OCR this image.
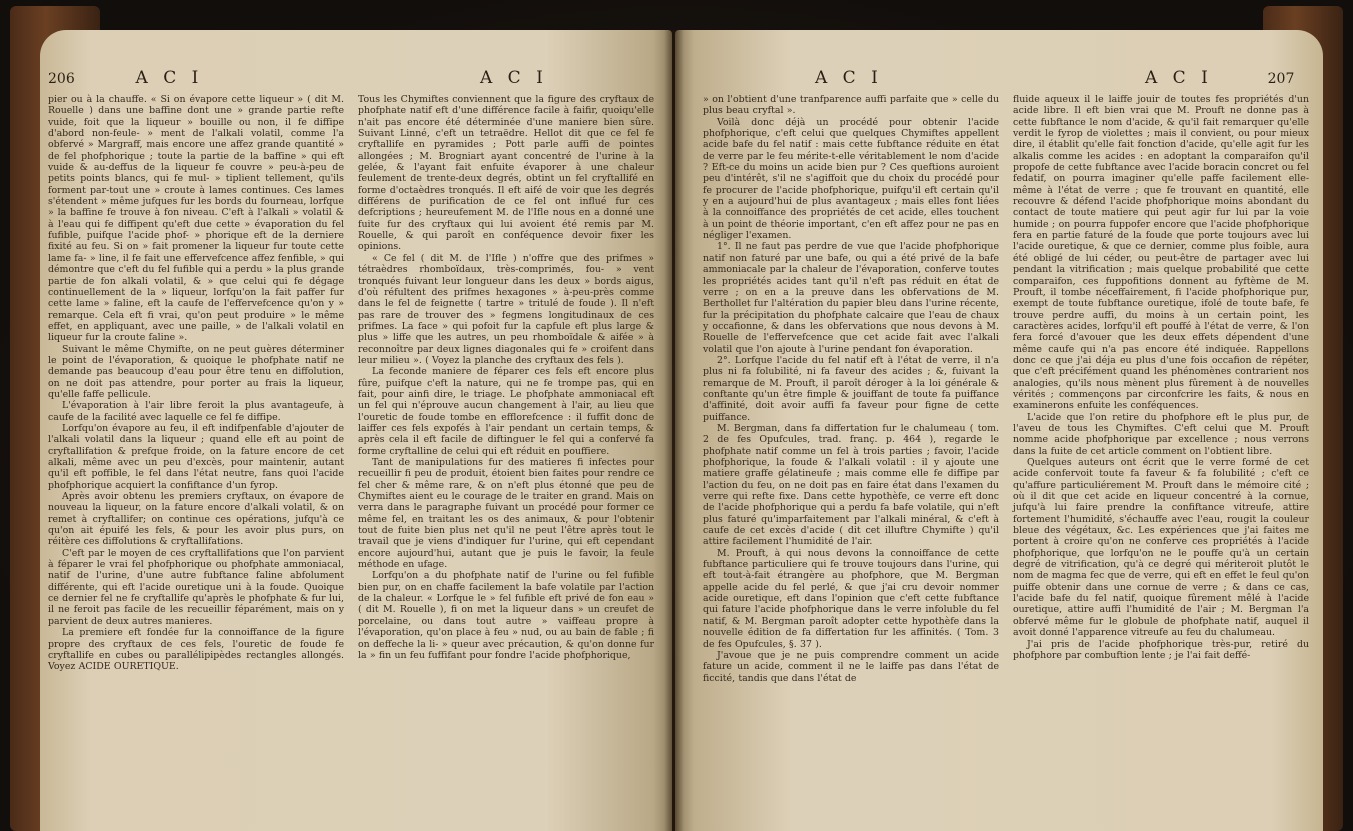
206	A C I	A C I

pier ou à la chauffe. « Si on évapore cette liqueur » ( dit M. Rouelle ) dans une baffine dont une » grande partie refte vuide, foit que la liqueur » bouille ou non, il fe diffipe d'abord non-feule- » ment de l'alkali volatil, comme l'a obfervé » Margraff, mais encore une affez grande quantité » de fel phofphorique ; toute la partie de la baffine » qui eft vuide & au-deffus de la liqueur fe couvre » peu-à-peu de petits points blancs, qui fe mul- » tiplient tellement, qu'ils forment par-tout une » croute à lames continues. Ces lames s'étendent » même jufques fur les bords du fourneau, lorfque » la baffine fe trouve à fon niveau. C'eft à l'alkali » volatil & à l'eau qui fe diffipent qu'eft due cette » évaporation du fel fufible, puifque l'acide phof- » phorique eft de la derniere fixité au feu. Si on » fait promener la liqueur fur toute cette lame fa- » line, il fe fait une effervefcence affez fenfible, » qui démontre que c'eft du fel fufible qui a perdu » la plus grande partie de fon alkali volatil, & » que celui qui fe dégage continuellement de la » liqueur, lorfqu'on la fait paffer fur cette lame » faline, eft la caufe de l'effervefcence qu'on y » remarque. Cela eft fi vrai, qu'on peut produire » le même effet, en appliquant, avec une paille, » de l'alkali volatil en liqueur fur la croute faline ».

Suivant le même Chymifte, on ne peut guères déterminer le point de l'évaporation, & quoique le phofphate natif ne demande pas beaucoup d'eau pour être tenu en diffolution, on ne doit pas attendre, pour porter au frais la liqueur, qu'elle faffe pellicule.

L'évaporation à l'air libre feroit la plus avantageufe, à caufe de la facilité avec laquelle ce fel fe diffipe.

Lorfqu'on évapore au feu, il eft indifpenfable d'ajouter de l'alkali volatil dans la liqueur ; quand elle eft au point de cryftallifation & prefque froide, on la fature encore de cet alkali, même avec un peu d'excès, pour maintenir, autant qu'il eft poffible, le fel dans l'état neutre, fans quoi l'acide phofphorique acquiert la confiftance d'un fyrop.

Après avoir obtenu les premiers cryftaux, on évapore de nouveau la liqueur, on la fature encore d'alkali volatil, & on remet à cryftallifer; on continue ces opérations, jufqu'à ce qu'on ait épuifé les fels, & pour les avoir plus purs, on réitère ces diffolutions & cryftallifations.

C'eft par le moyen de ces cryftallifations que l'on parvient à féparer le vrai fel phofphorique ou phofphate ammoniacal, natif de l'urine, d'une autre fubftance faline abfolument différente, qui eft l'acide ouretique uni à la foude. Quoique ce dernier fel ne fe cryftallife qu'après le phofphate & fur lui, il ne feroit pas facile de les recueillir féparément, mais on y parvient de deux autres manieres.

La premiere eft fondée fur la connoiffance de la figure propre des cryftaux de ces fels, l'ouretic de foude fe cryftallife en cubes ou parallélipipèdes rectangles allongés. Voyez ACIDE OURETIQUE.

Tous les Chymiftes conviennent que la figure des cryftaux de phofphate natif eft d'une différence facile à faifir, quoiqu'elle n'ait pas encore été déterminée d'une maniere bien sûre. Suivant Linné, c'eft un tetraëdre. Hellot dit que ce fel fe cryftallife en pyramides ; Pott parle auffi de pointes allongées ; M. Brogniart ayant concentré de l'urine à la gelée, & l'ayant fait enfuite évaporer à une chaleur feulement de trente-deux degrés, obtint un fel cryftallifé en forme d'octaèdres tronqués. Il eft aifé de voir que les degrés différens de purification de ce fel ont influé fur ces defcriptions ; heureufement M. de l'Ifle nous en a donné une fuite fur des cryftaux qui lui avoient été remis par M. Rouelle, & qui paroît en conféquence devoir fixer les opinions.

« Ce fel ( dit M. de l'Ifle ) n'offre que des prifmes » tétraèdres rhomboïdaux, très-comprimés, fou- » vent tronqués fuivant leur longueur dans les deux » bords aigus, d'où réfultent des prifmes hexagones » à-peu-près comme dans le fel de feignette ( tartre » tritulé de foude ). Il n'eft pas rare de trouver des » fegmens longitudinaux de ces prifmes. La face » qui pofoit fur la capfule eft plus large & plus » liffe que les autres, un peu rhomboïdale & aifée » à reconnoître par deux lignes diagonales qui fe » croifent dans leur milieu ». ( Voyez la planche des cryftaux des fels ).

La feconde maniere de féparer ces fels eft encore plus fûre, puifque c'eft la nature, qui ne fe trompe pas, qui en fait, pour ainfi dire, le triage. Le phofphate ammoniacal eft un fel qui n'éprouve aucun changement à l'air, au lieu que l'ouretic de foude tombe en efflorefcence : il fuffit donc de laiffer ces fels expofés à l'air pendant un certain temps, & après cela il eft facile de diftinguer le fel qui a confervé fa forme cryftalline de celui qui eft réduit en pouffiere.

Tant de manipulations fur des matieres fi infectes pour recueillir fi peu de produit, étoient bien faites pour rendre ce fel cher & même rare, & on n'eft plus étonné que peu de Chymiftes aient eu le courage de le traiter en grand. Mais on verra dans le paragraphe fuivant un procédé pour former ce même fel, en traitant les os des animaux, & pour l'obtenir tout de fuite bien plus net qu'il ne peut l'être après tout le travail que je viens d'indiquer fur l'urine, qui eft cependant encore aujourd'hui, autant que je puis le favoir, la feule méthode en ufage.

Lorfqu'on a du phofphate natif de l'urine ou fel fufible bien pur, on en chaffe facilement la bafe volatile par l'action de la chaleur. « Lorfque le » fel fufible eft privé de fon eau » ( dit M. Rouelle ), fi on met la liqueur dans » un creufet de porcelaine, ou dans tout autre » vaiffeau propre à l'évaporation, qu'on place à feu » nud, ou au bain de fable ; fi on deffeche la li- » queur avec précaution, & qu'on donne fur la » fin un feu fuffifant pour fondre l'acide phofphorique,

A C I	A C I	207

» on l'obtient d'une tranfparence auffi parfaite que » celle du plus beau cryftal ».

Voilà donc déjà un procédé pour obtenir l'acide phofphorique, c'eft celui que quelques Chymiftes appellent acide bafe du fel natif : mais cette fubftance réduite en état de verre par le feu mérite-t-elle véritablement le nom d'acide ? Eft-ce du moins un acide bien pur ? Ces queftions auroient peu d'intérêt, s'il ne s'agiffoit que du choix du procédé pour fe procurer de l'acide phofphorique, puifqu'il eft certain qu'il y en a aujourd'hui de plus avantageux ; mais elles font liées à la connoiffance des propriétés de cet acide, elles touchent à un point de théorie important, c'en eft affez pour ne pas en négliger l'examen.

1°. Il ne faut pas perdre de vue que l'acide phofphorique natif non faturé par une bafe, ou qui a été privé de la bafe ammoniacale par la chaleur de l'évaporation, conferve toutes les propriétés acides tant qu'il n'eft pas réduit en état de verre ; on en a la preuve dans les obfervations de M. Berthollet fur l'altération du papier bleu dans l'urine récente, fur la précipitation du phofphate calcaire que l'eau de chaux y occafionne, & dans les obfervations que nous devons à M. Rouelle de l'effervefcence que cet acide fait avec l'alkali volatil que l'on ajoute à l'urine pendant fon évaporation.

2°. Lorfque l'acide du fel natif eft à l'état de verre, il n'a plus ni fa folubilité, ni fa faveur des acides ; &, fuivant la remarque de M. Prouft, il paroît déroger à la loi générale & conftante qu'un être fimple & jouiffant de toute fa puiffance d'affinité, doit avoir auffi fa faveur pour figne de cette puiffance.

M. Bergman, dans fa differtation fur le chalumeau ( tom. 2 de fes Opufcules, trad. franç. p. 464 ), regarde le phofphate natif comme un fel à trois parties ; favoir, l'acide phofphorique, la foude & l'alkali volatil : il y ajoute une matiere graffe gélatineufe ; mais comme elle fe diffipe par l'action du feu, on ne doit pas en faire état dans l'examen du verre qui refte fixe. Dans cette hypothèfe, ce verre eft donc de l'acide phofphorique qui a perdu fa bafe volatile, qui n'eft plus faturé qu'imparfaitement par l'alkali minéral, & c'eft à caufe de cet excès d'acide ( dit cet illuftre Chymifte ) qu'il attire facilement l'humidité de l'air.

M. Prouft, à qui nous devons la connoiffance de cette fubftance particuliere qui fe trouve toujours dans l'urine, qui eft tout-à-fait étrangère au phofphore, que M. Bergman appelle acide du fel perlé, & que j'ai cru devoir nommer acide ouretique, eft dans l'opinion que c'eft cette fubftance qui fature l'acide phofphorique dans le verre infoluble du fel natif, & M. Bergman paroît adopter cette hypothèfe dans la nouvelle édition de fa differtation fur les affinités. ( Tom. 3 de fes Opufcules, §. 37 ).

J'avoue que je ne puis comprendre comment un acide fature un acide, comment il ne le laiffe pas dans l'état de ficcité, tandis que dans l'état de

fluide aqueux il le laiffe jouir de toutes fes propriétés d'un acide libre. Il eft bien vrai que M. Prouft ne donne pas à cette fubftance le nom d'acide, & qu'il fait remarquer qu'elle verdit le fyrop de violettes ; mais il convient, ou pour mieux dire, il établit qu'elle fait fonction d'acide, qu'elle agit fur les alkalis comme les acides : en adoptant la comparaifon qu'il propofe de cette fubftance avec l'acide boracin concret ou fel fedatif, on pourra imaginer qu'elle paffe facilement elle-même à l'état de verre ; que fe trouvant en quantité, elle recouvre & défend l'acide phofphorique moins abondant du contact de toute matiere qui peut agir fur lui par la voie humide ; on pourra fuppofer encore que l'acide phofphorique fera en partie faturé de la foude que porte toujours avec lui l'acide ouretique, & que ce dernier, comme plus foible, aura été obligé de lui céder, ou peut-être de partager avec lui pendant la vitrification ; mais quelque probabilité que cette comparaifon, ces fuppofitions donnent au fyftème de M. Prouft, il tombe néceffairement, fi l'acide phofphorique pur, exempt de toute fubftance ouretique, ifolé de toute bafe, fe trouve perdre auffi, du moins à un certain point, les caractères acides, lorfqu'il eft pouffé à l'état de verre, & l'on fera forcé d'avouer que les deux effets dépendent d'une même caufe qui n'a pas encore été indiquée. Rappellons donc ce que j'ai déja eu plus d'une fois occafion de répéter, que c'eft précifément quand les phénomènes contrarient nos analogies, qu'ils nous mènent plus fûrement à de nouvelles vérités ; commençons par circonfcrire les faits, & nous en examinerons enfuite les conféquences.

L'acide que l'on retire du phofphore eft le plus pur, de l'aveu de tous les Chymiftes. C'eft celui que M. Prouft nomme acide phofphorique par excellence ; nous verrons dans la fuite de cet article comment on l'obtient libre.

Quelques auteurs ont écrit que le verre formé de cet acide confervoit toute fa faveur & fa folubilité ; c'eft ce qu'affure particuliérement M. Prouft dans le mémoire cité ; où il dit que cet acide en liqueur concentré à la cornue, jufqu'à lui faire prendre la confiftance vitreufe, attire fortement l'humidité, s'échauffe avec l'eau, rougit la couleur bleue des végétaux, &c. Les expériences que j'ai faites me portent à croire qu'on ne conferve ces propriétés à l'acide phofphorique, que lorfqu'on ne le pouffe qu'à un certain degré de vitrification, qu'à ce degré qui mériteroit plutôt le nom de magma fec que de verre, qui eft en effet le feul qu'on puiffe obtenir dans une cornue de verre ; & dans ce cas, l'acide bafe du fel natif, quoique fûrement mêlé à l'acide ouretique, attire auffi l'humidité de l'air ; M. Bergman l'a obfervé même fur le globule de phofphate natif, auquel il avoit donné l'apparence vitreufe au feu du chalumeau.

J'ai pris de l'acide phofphorique très-pur, retiré du phofphore par combuftion lente ; je l'ai fait deffé-
